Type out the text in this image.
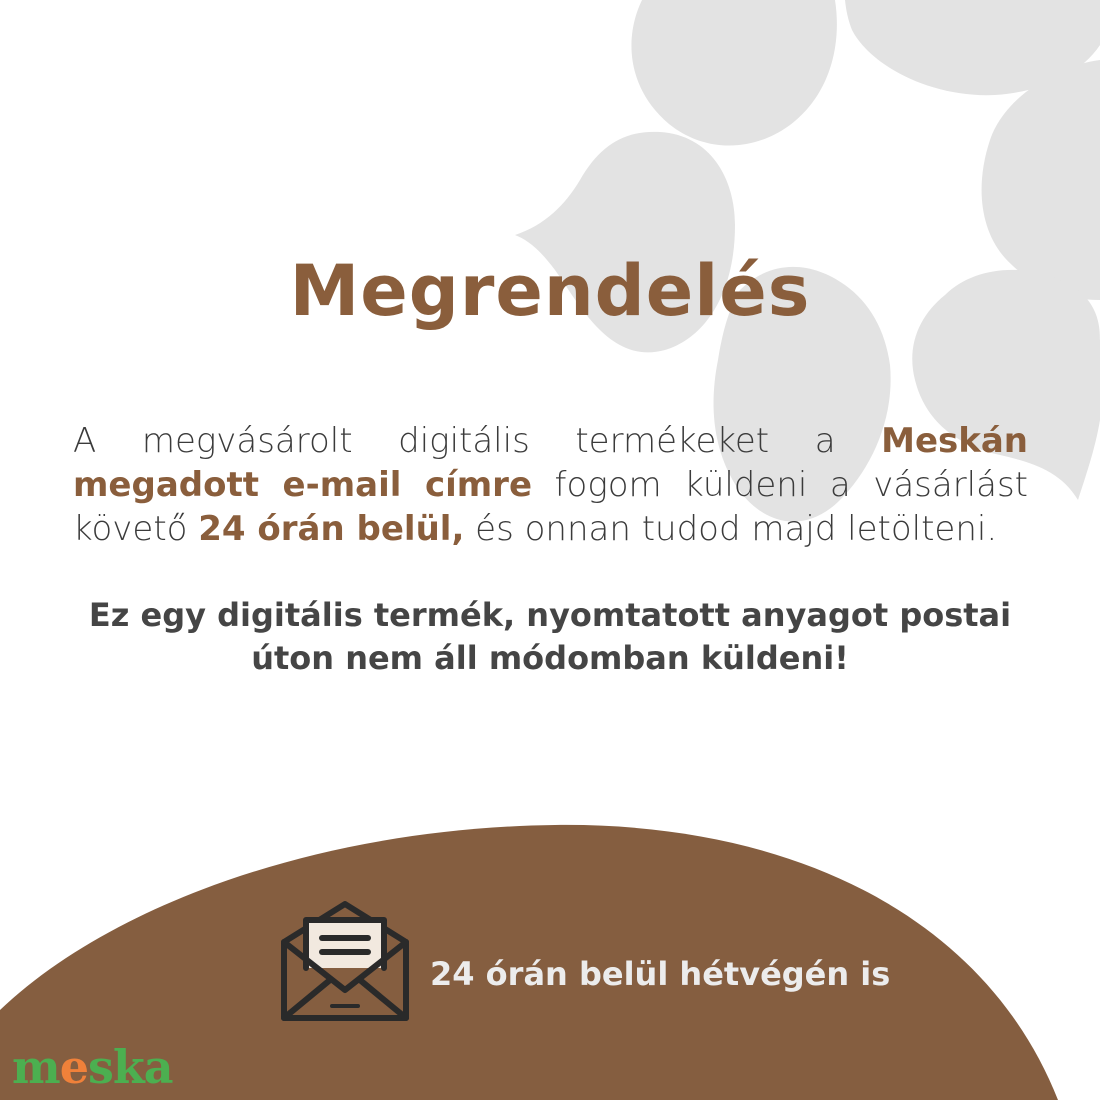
Megrendelés

A megvásárolt digitális termékeket a Meskán megadott e-mail címre fogom küldeni a vásárlást követő 24 órán belül, és onnan tudod majd letölteni.

Ez egy digitális termék, nyomtatott anyagot postai
úton nem áll módomban küldeni!

24 órán belül hétvégén is

meska
